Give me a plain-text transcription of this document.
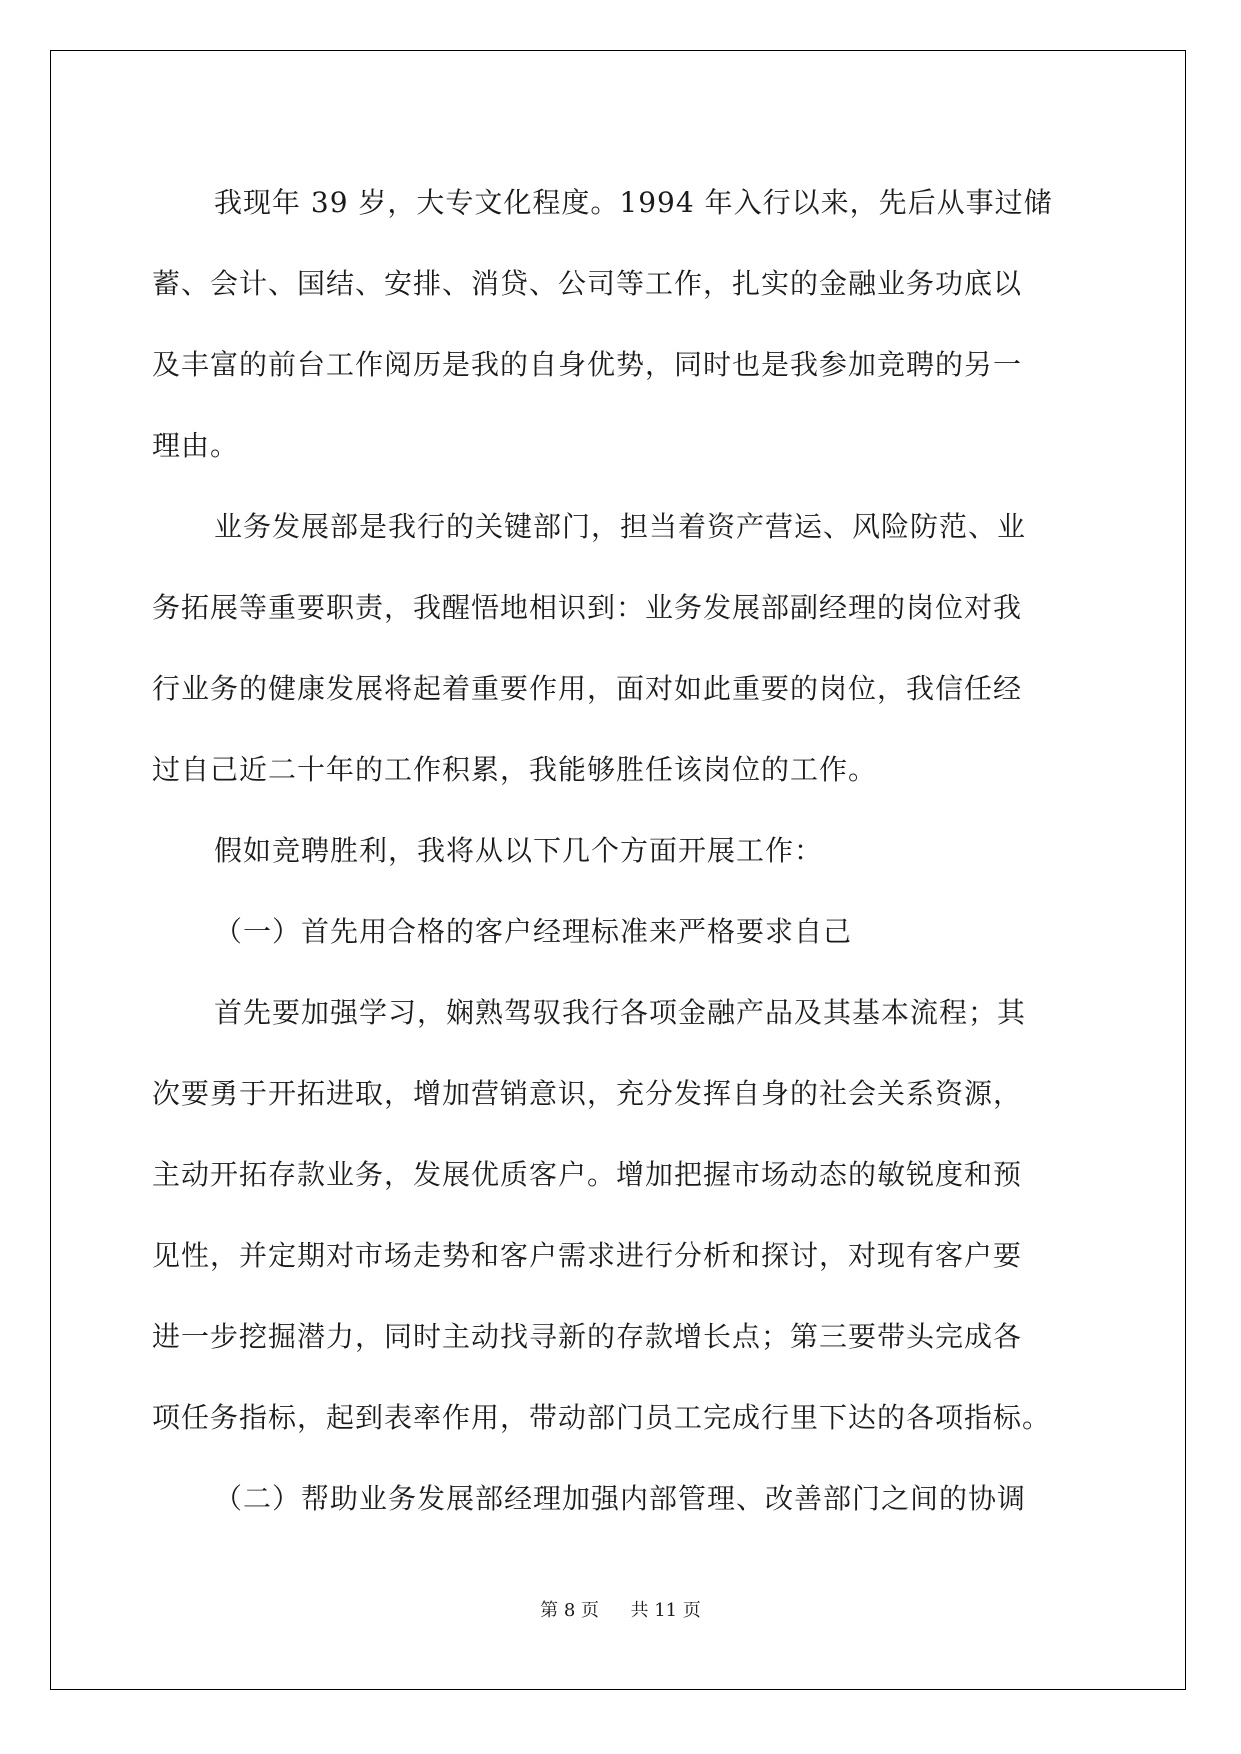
我现年 39 岁，大专文化程度。1994 年入行以来，先后从事过储
蓄、会计、国结、安排、消贷、公司等工作，扎实的金融业务功底以
及丰富的前台工作阅历是我的自身优势，同时也是我参加竞聘的另一
理由。
业务发展部是我行的关键部门，担当着资产营运、风险防范、业
务拓展等重要职责，我醒悟地相识到：业务发展部副经理的岗位对我
行业务的健康发展将起着重要作用，面对如此重要的岗位，我信任经
过自己近二十年的工作积累，我能够胜任该岗位的工作。
假如竞聘胜利，我将从以下几个方面开展工作：
（一）首先用合格的客户经理标准来严格要求自己
首先要加强学习，娴熟驾驭我行各项金融产品及其基本流程；其
次要勇于开拓进取，增加营销意识，充分发挥自身的社会关系资源，
主动开拓存款业务，发展优质客户。增加把握市场动态的敏锐度和预
见性，并定期对市场走势和客户需求进行分析和探讨，对现有客户要
进一步挖掘潜力，同时主动找寻新的存款增长点；第三要带头完成各
项任务指标，起到表率作用，带动部门员工完成行里下达的各项指标。
（二）帮助业务发展部经理加强内部管理、改善部门之间的协调
第 8 页 共 11 页
